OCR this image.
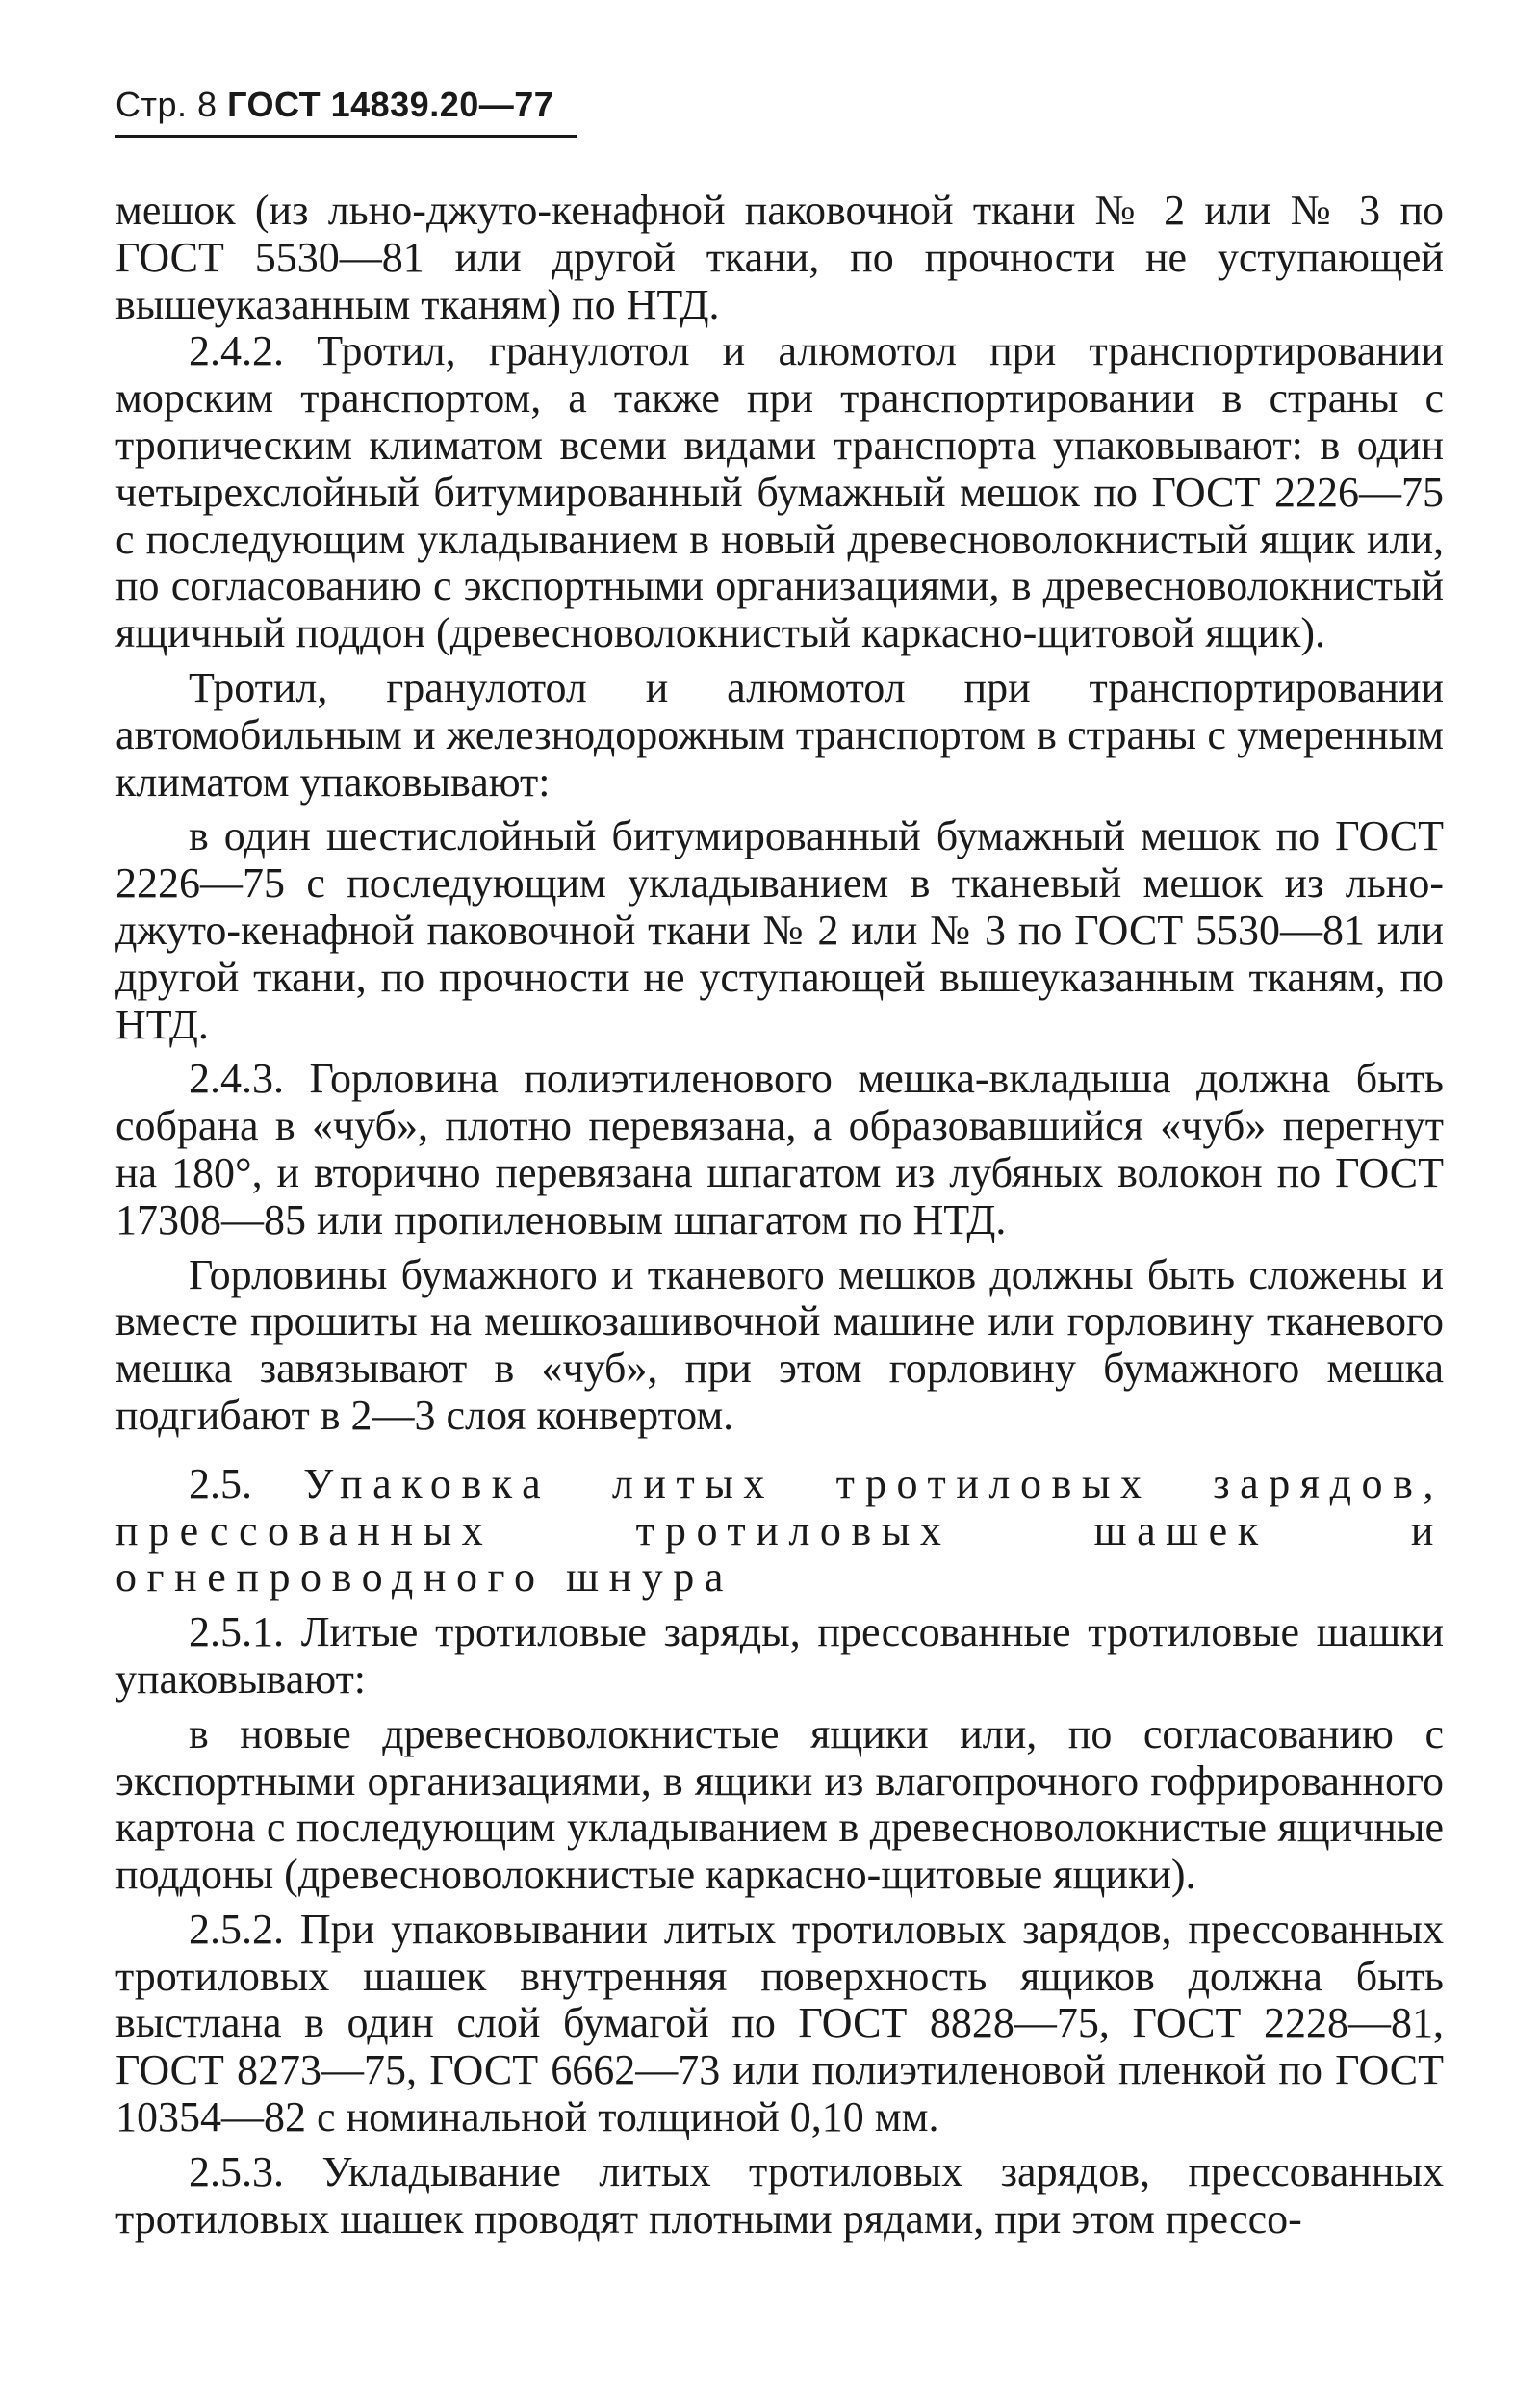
Стр. 8 ГОСТ 14839.20—77

мешок (из льно-джуто-кенафной паковочной ткани № 2 или № 3 по ГОСТ 5530—81 или другой ткани, по прочности не уступающей вышеуказанным тканям) по НТД.

2.4.2. Тротил, гранулотол и алюмотол при транспортировании морским транспортом, а также при транспортировании в страны с тропическим климатом всеми видами транспорта упаковывают: в один четырехслойный битумированный бумажный мешок по ГОСТ 2226—75 с последующим укладыванием в новый древесноволокнистый ящик или, по согласованию с экспортными организациями, в древесноволокнистый ящичный поддон (древесноволокнистый каркасно-щитовой ящик).

Тротил, гранулотол и алюмотол при транспортировании автомобильным и железнодорожным транспортом в страны с умеренным климатом упаковывают:

в один шестислойный битумированный бумажный мешок по ГОСТ 2226—75 с последующим укладыванием в тканевый мешок из льно-джуто-кенафной паковочной ткани № 2 или № 3 по ГОСТ 5530—81 или другой ткани, по прочности не уступающей вышеуказанным тканям, по НТД.

2.4.3. Горловина полиэтиленового мешка-вкладыша должна быть собрана в «чуб», плотно перевязана, а образовавшийся «чуб» перегнут на 180°, и вторично перевязана шпагатом из лубяных волокон по ГОСТ 17308—85 или пропиленовым шпагатом по НТД.

Горловины бумажного и тканевого мешков должны быть сложены и вместе прошиты на мешкозашивочной машине или горловину тканевого мешка завязывают в «чуб», при этом горловину бумажного мешка подгибают в 2—3 слоя конвертом.

2.5. Упаковка литых тротиловых зарядов, прессованных тротиловых шашек и огнепроводного шнура

2.5.1. Литые тротиловые заряды, прессованные тротиловые шашки упаковывают:

в новые древесноволокнистые ящики или, по согласованию с экспортными организациями, в ящики из влагопрочного гофрированного картона с последующим укладыванием в древесноволокнистые ящичные поддоны (древесноволокнистые каркасно-щитовые ящики).

2.5.2. При упаковывании литых тротиловых зарядов, прессованных тротиловых шашек внутренняя поверхность ящиков должна быть выстлана в один слой бумагой по ГОСТ 8828—75, ГОСТ 2228—81, ГОСТ 8273—75, ГОСТ 6662—73 или полиэтиленовой пленкой по ГОСТ 10354—82 с номинальной толщиной 0,10 мм.

2.5.3. Укладывание литых тротиловых зарядов, прессованных тротиловых шашек проводят плотными рядами, при этом прессо-
